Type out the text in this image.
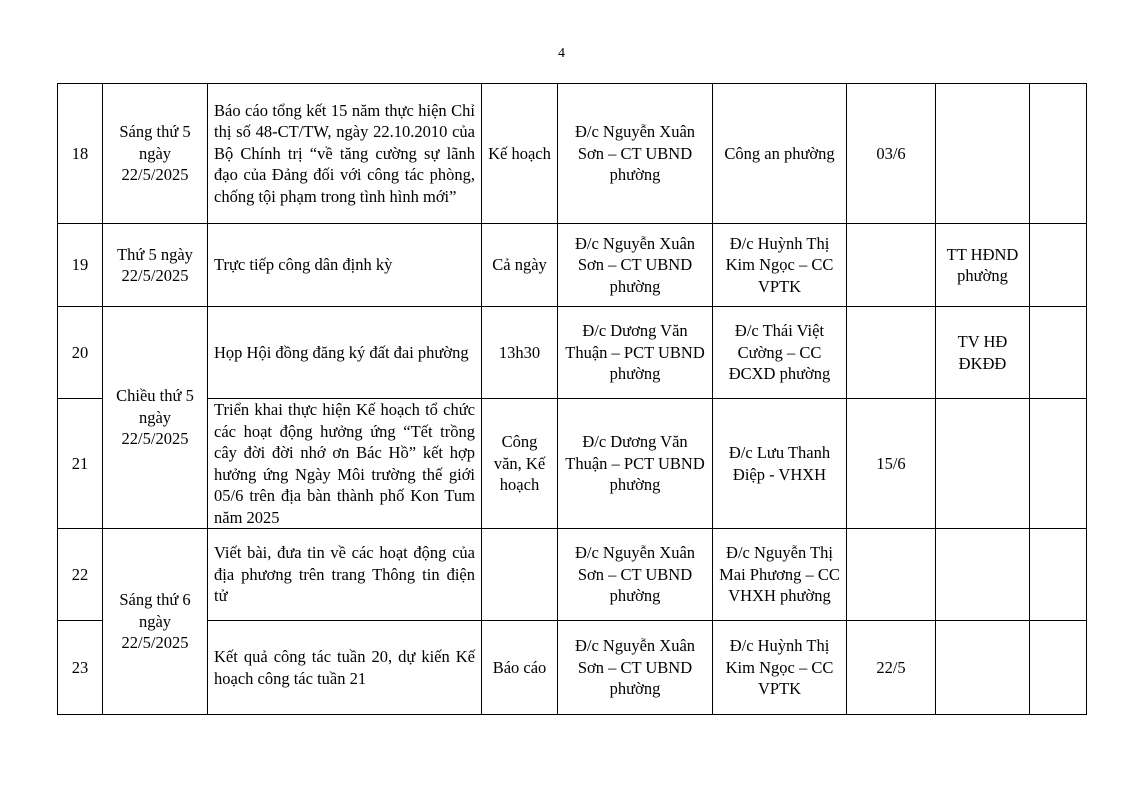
4
18	Sáng thứ 5 ngày 22/5/2025	Báo cáo tổng kết 15 năm thực hiện Chỉ thị số 48-CT/TW, ngày 22.10.2010 của Bộ Chính trị “về tăng cường sự lãnh đạo của Đảng đối với công tác phòng, chống tội phạm trong tình hình mới”	Kế hoạch	Đ/c Nguyễn Xuân Sơn – CT UBND phường	Công an phường	03/6		
19	Thứ 5 ngày 22/5/2025	Trực tiếp công dân định kỳ	Cả ngày	Đ/c Nguyễn Xuân Sơn – CT UBND phường	Đ/c Huỳnh Thị Kim Ngọc – CC VPTK		TT HĐND phường	
20	Chiều thứ 5 ngày 22/5/2025	Họp Hội đồng đăng ký đất đai phường	13h30	Đ/c Dương Văn Thuận – PCT UBND phường	Đ/c Thái Việt Cường – CC ĐCXD phường		TV HĐ ĐKĐĐ	
21		Triển khai thực hiện Kế hoạch tổ chức các hoạt động hưởng ứng “Tết trồng cây đời đời nhớ ơn Bác Hồ” kết hợp hưởng ứng Ngày Môi trường thế giới 05/6 trên địa bàn thành phố Kon Tum năm 2025	Công văn, Kế hoạch	Đ/c Dương Văn Thuận – PCT UBND phường	Đ/c Lưu Thanh Điệp - VHXH	15/6		
22	Sáng thứ 6 ngày 22/5/2025	Viết bài, đưa tin về các hoạt động của địa phương trên trang Thông tin điện tử		Đ/c Nguyễn Xuân Sơn – CT UBND phường	Đ/c Nguyễn Thị Mai Phương – CC VHXH phường			
23		Kết quả công tác tuần 20, dự kiến Kế hoạch công tác tuần 21	Báo cáo	Đ/c Nguyễn Xuân Sơn – CT UBND phường	Đ/c Huỳnh Thị Kim Ngọc – CC VPTK	22/5		
